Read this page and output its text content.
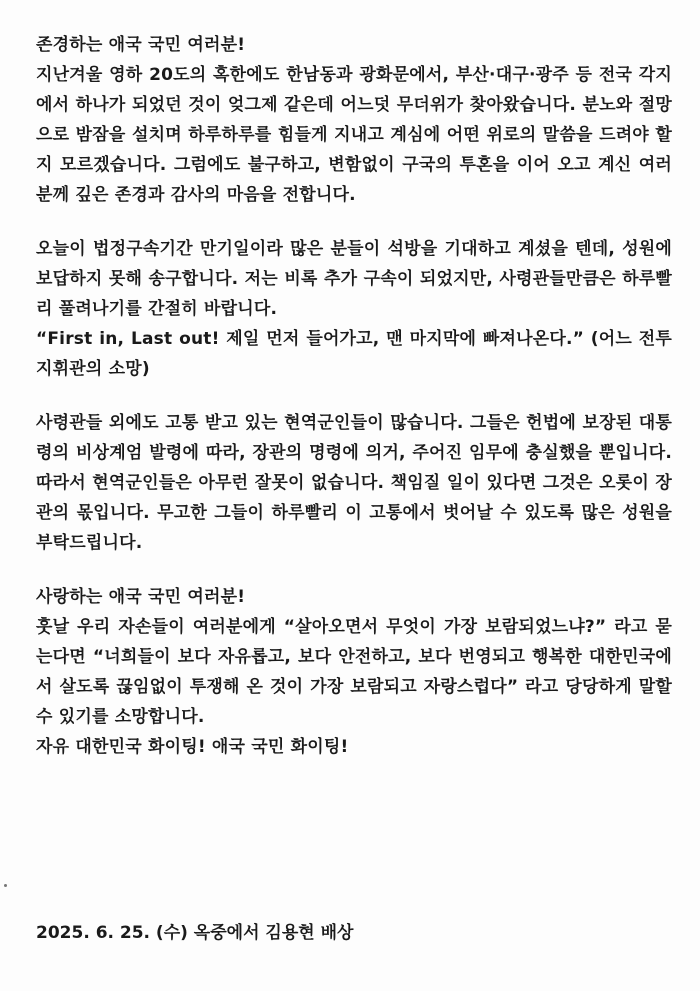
존경하는 애국 국민 여러분!
지난겨울 영하 20도의 혹한에도 한남동과 광화문에서, 부산·대구·광주 등 전국 각지에서 하나가 되었던 것이 엊그제 같은데 어느덧 무더위가 찾아왔습니다. 분노와 절망으로 밤잠을 설치며 하루하루를 힘들게 지내고 계심에 어떤 위로의 말씀을 드려야 할지 모르겠습니다. 그럼에도 불구하고, 변함없이 구국의 투혼을 이어 오고 계신 여러분께 깊은 존경과 감사의 마음을 전합니다.

오늘이 법정구속기간 만기일이라 많은 분들이 석방을 기대하고 계셨을 텐데, 성원에 보답하지 못해 송구합니다. 저는 비록 추가 구속이 되었지만, 사령관들만큼은 하루빨리 풀려나기를 간절히 바랍니다.
“First in, Last out! 제일 먼저 들어가고, 맨 마지막에 빠져나온다.” (어느 전투 지휘관의 소망)

사령관들 외에도 고통 받고 있는 현역군인들이 많습니다. 그들은 헌법에 보장된 대통령의 비상계엄 발령에 따라, 장관의 명령에 의거, 주어진 임무에 충실했을 뿐입니다. 따라서 현역군인들은 아무런 잘못이 없습니다. 책임질 일이 있다면 그것은 오롯이 장관의 몫입니다. 무고한 그들이 하루빨리 이 고통에서 벗어날 수 있도록 많은 성원을 부탁드립니다.

사랑하는 애국 국민 여러분!
훗날 우리 자손들이 여러분에게 “살아오면서 무엇이 가장 보람되었느냐?” 라고 묻는다면 “너희들이 보다 자유롭고, 보다 안전하고, 보다 번영되고 행복한 대한민국에서 살도록 끊임없이 투쟁해 온 것이 가장 보람되고 자랑스럽다” 라고 당당하게 말할 수 있기를 소망합니다.
자유 대한민국 화이팅! 애국 국민 화이팅!

2025. 6. 25. (수) 옥중에서 김용현 배상
